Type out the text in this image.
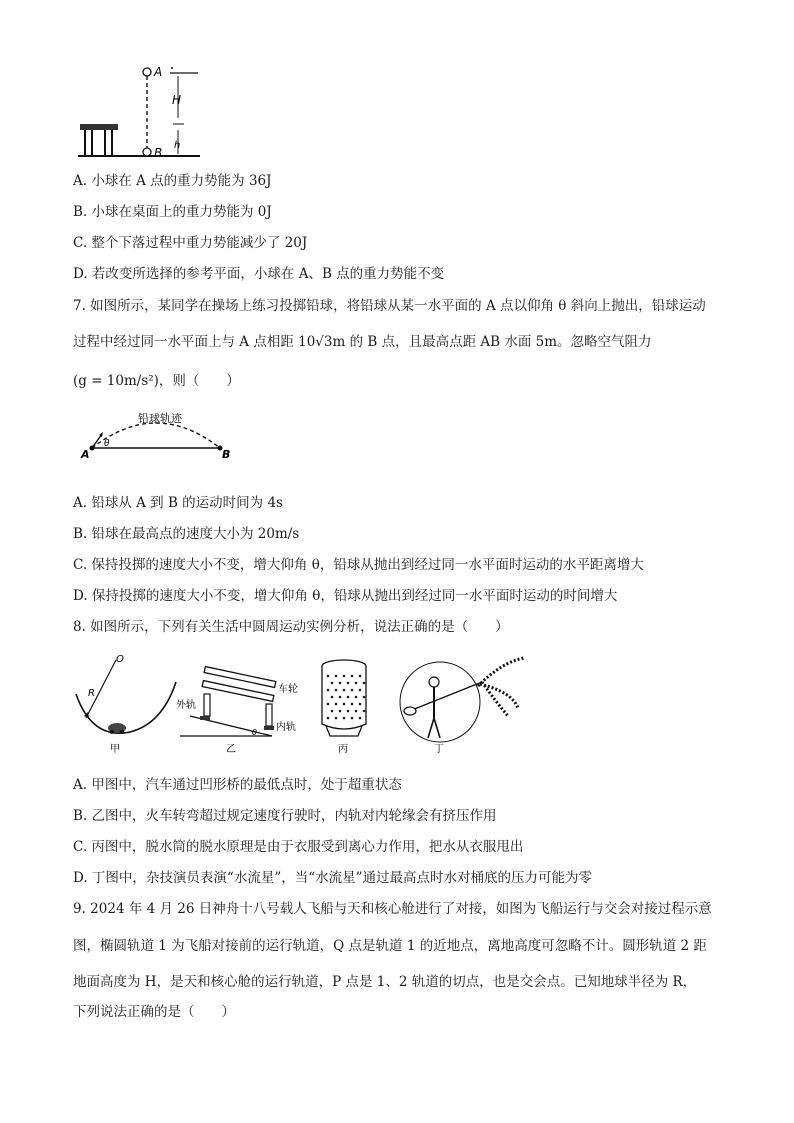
A
B
H
h
A. 小球在 A 点的重力势能为 36J
B. 小球在桌面上的重力势能为 0J
C. 整个下落过程中重力势能减少了 20J
D. 若改变所选择的参考平面，小球在 A、B 点的重力势能不变
7. 如图所示，某同学在操场上练习投掷铅球，将铅球从某一水平面的 A 点以仰角 θ 斜向上抛出，铅球运动
过程中经过同一水平面上与 A 点相距 10√3m 的 B 点，且最高点距 AB 水面 5m。忽略空气阻力
(g = 10m/s²)，则（　　）
铅球轨迹
A	B
θ
A. 铅球从 A 到 B 的运动时间为 4s
B. 铅球在最高点的速度大小为 20m/s
C. 保持投掷的速度大小不变，增大仰角 θ，铅球从抛出到经过同一水平面时运动的水平距离增大
D. 保持投掷的速度大小不变，增大仰角 θ，铅球从抛出到经过同一水平面时运动的时间增大
8. 如图所示，下列有关生活中圆周运动实例分析，说法正确的是（　　）
O
R
甲
外轨
车轮
内轨
θ
乙	丙	丁
A. 甲图中，汽车通过凹形桥的最低点时，处于超重状态
B. 乙图中，火车转弯超过规定速度行驶时，内轨对内轮缘会有挤压作用
C. 丙图中，脱水筒的脱水原理是由于衣服受到离心力作用，把水从衣服甩出
D. 丁图中，杂技演员表演“水流星”，当“水流星”通过最高点时水对桶底的压力可能为零
9. 2024 年 4 月 26 日神舟十八号载人飞船与天和核心舱进行了对接，如图为飞船运行与交会对接过程示意
图，椭圆轨道 1 为飞船对接前的运行轨道，Q 点是轨道 1 的近地点，离地高度可忽略不计。圆形轨道 2 距
地面高度为 H，是天和核心舱的运行轨道，P 点是 1、2 轨道的切点，也是交会点。已知地球半径为 R，
下列说法正确的是（　　）
